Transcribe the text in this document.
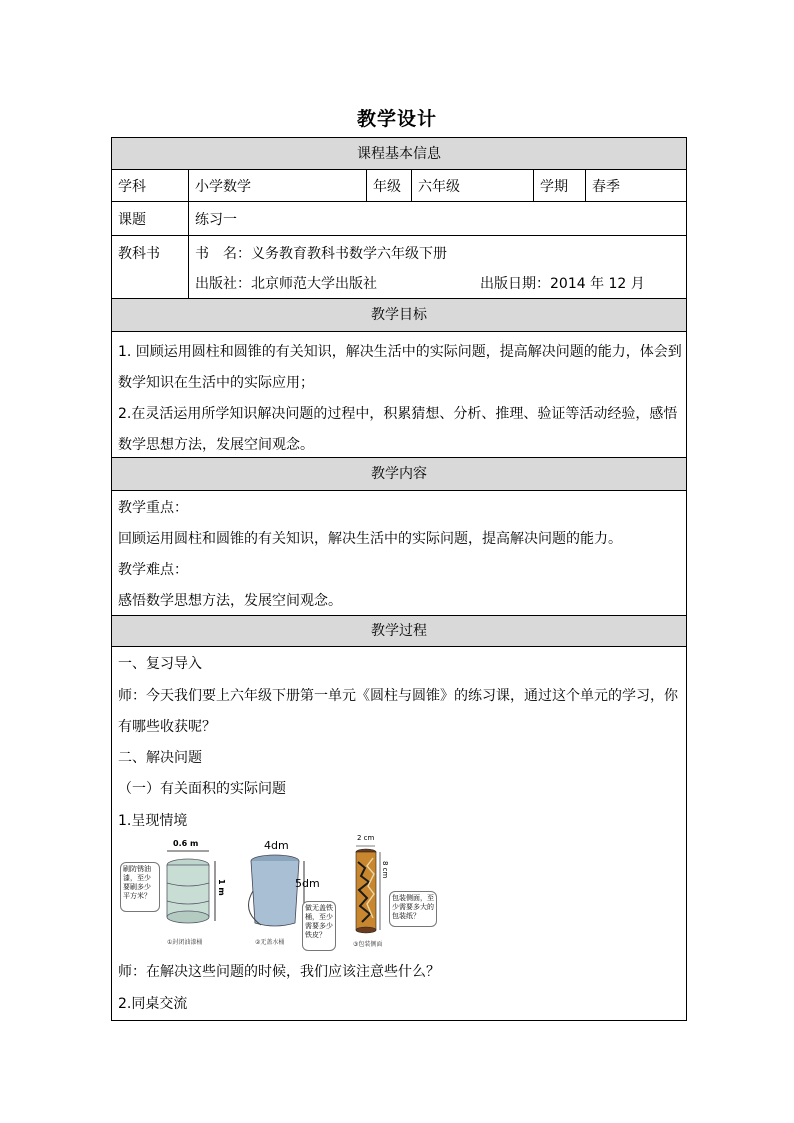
教学设计
课程基本信息
学科	小学数学	年级	六年级	学期	春季
课题	练习一
教科书	书　名：义务教育教科书数学六年级下册
出版社：北京师范大学出版社	出版日期：2014 年 12 月
教学目标
1. 回顾运用圆柱和圆锥的有关知识，解决生活中的实际问题，提高解决问题的能力，体会到
数学知识在生活中的实际应用；
2.在灵活运用所学知识解决问题的过程中，积累猜想、分析、推理、验证等活动经验，感悟
数学思想方法，发展空间观念。
教学内容
教学重点：
回顾运用圆柱和圆锥的有关知识，解决生活中的实际问题，提高解决问题的能力。
教学难点：
感悟数学思想方法，发展空间观念。
教学过程
一、复习导入
师：今天我们要上六年级下册第一单元《圆柱与圆锥》的练习课，通过这个单元的学习，你
有哪些收获呢？
二、解决问题
（一）有关面积的实际问题
1.呈现情境
刷防锈油漆，至少要刷多少平方米？
0.6 m
1 m
①封闭油漆桶
4dm
5dm
做无盖铁桶，至少需要多少铁皮？
②无盖水桶
2 cm
8 cm
包装侧面，至少需要多大的包装纸？
③包装侧面
师：在解决这些问题的时候，我们应该注意些什么？
2.同桌交流
